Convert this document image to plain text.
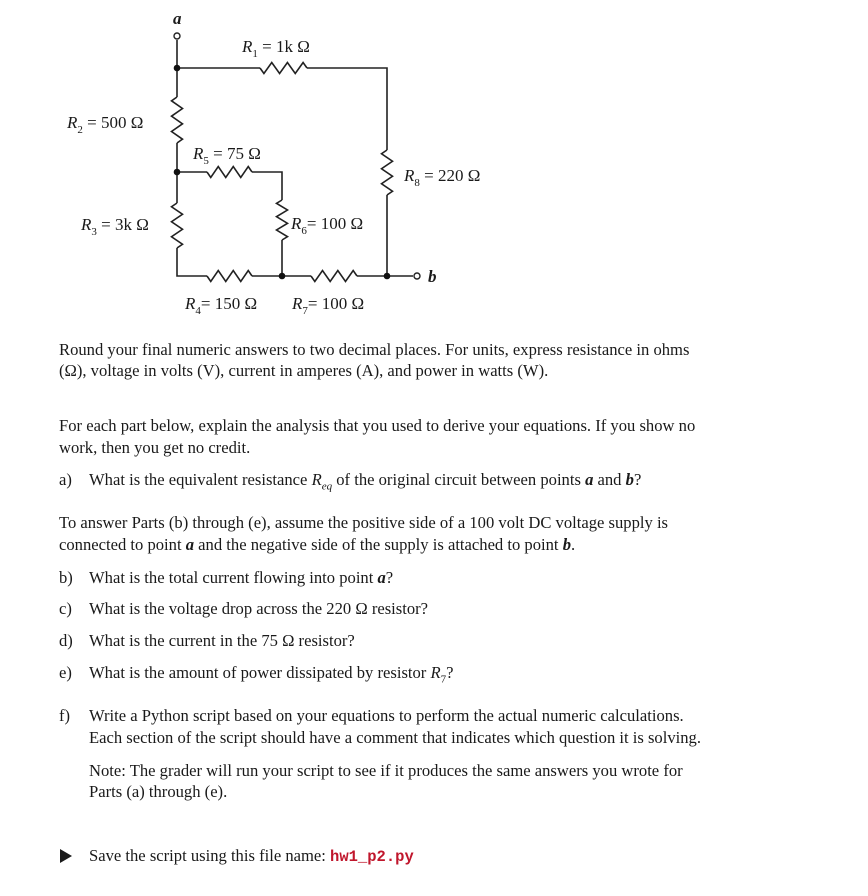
a
b
$R_1 = 1k$ Ω
$R_2 = 500$ Ω
$R_3 = 3k$ Ω
$R_4= 150$ Ω
$R_5 = 75$ Ω
$R_6= 100$ Ω
$R_7= 100$ Ω
$R_8 = 220$ Ω
Round your final numeric answers to two decimal places. For units, express resistance in ohms
(Ω), voltage in volts (V), current in amperes (A), and power in watts (W).
For each part below, explain the analysis that you used to derive your equations. If you show no
work, then you get no credit.
a) What is the equivalent resistance $R_{eq}$ of the original circuit between points a and b?
To answer Parts (b) through (e), assume the positive side of a 100 volt DC voltage supply is
connected to point a and the negative side of the supply is attached to point b.
b) What is the total current flowing into point a?
c) What is the voltage drop across the 220 Ω resistor?
d) What is the current in the 75 Ω resistor?
e) What is the amount of power dissipated by resistor $R_7$?
f) Write a Python script based on your equations to perform the actual numeric calculations.
Each section of the script should have a comment that indicates which question it is solving.
Note: The grader will run your script to see if it produces the same answers you wrote for
Parts (a) through (e).
Save the script using this file name: hw1_p2.py
